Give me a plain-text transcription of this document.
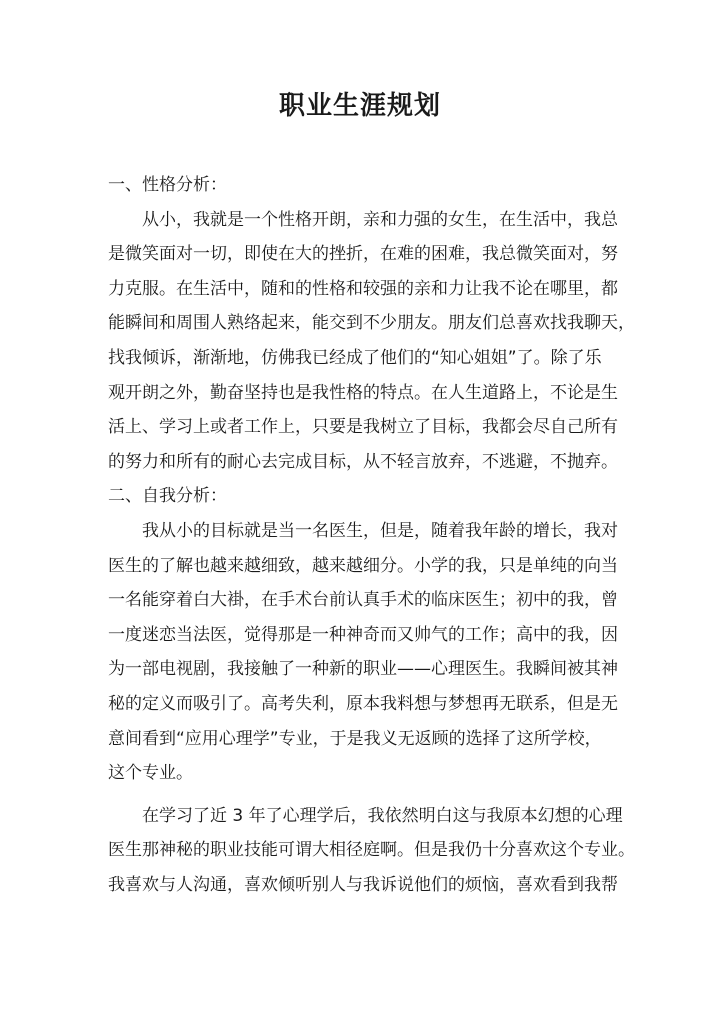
职业生涯规划
一、性格分析：
从小，我就是一个性格开朗，亲和力强的女生，在生活中，我总
是微笑面对一切，即使在大的挫折，在难的困难，我总微笑面对，努
力克服。在生活中，随和的性格和较强的亲和力让我不论在哪里，都
能瞬间和周围人熟络起来，能交到不少朋友。朋友们总喜欢找我聊天，
找我倾诉，渐渐地，仿佛我已经成了他们的“知心姐姐”了。除了乐
观开朗之外，勤奋坚持也是我性格的特点。在人生道路上，不论是生
活上、学习上或者工作上，只要是我树立了目标，我都会尽自己所有
的努力和所有的耐心去完成目标，从不轻言放弃，不逃避，不抛弃。
二、自我分析：
我从小的目标就是当一名医生，但是，随着我年龄的增长，我对
医生的了解也越来越细致，越来越细分。小学的我，只是单纯的向当
一名能穿着白大褂，在手术台前认真手术的临床医生；初中的我，曾
一度迷恋当法医，觉得那是一种神奇而又帅气的工作；高中的我，因
为一部电视剧，我接触了一种新的职业——心理医生。我瞬间被其神
秘的定义而吸引了。高考失利，原本我料想与梦想再无联系，但是无
意间看到“应用心理学”专业，于是我义无返顾的选择了这所学校，
这个专业。
在学习了近 3 年了心理学后，我依然明白这与我原本幻想的心理
医生那神秘的职业技能可谓大相径庭啊。但是我仍十分喜欢这个专业。
我喜欢与人沟通，喜欢倾听别人与我诉说他们的烦恼，喜欢看到我帮
